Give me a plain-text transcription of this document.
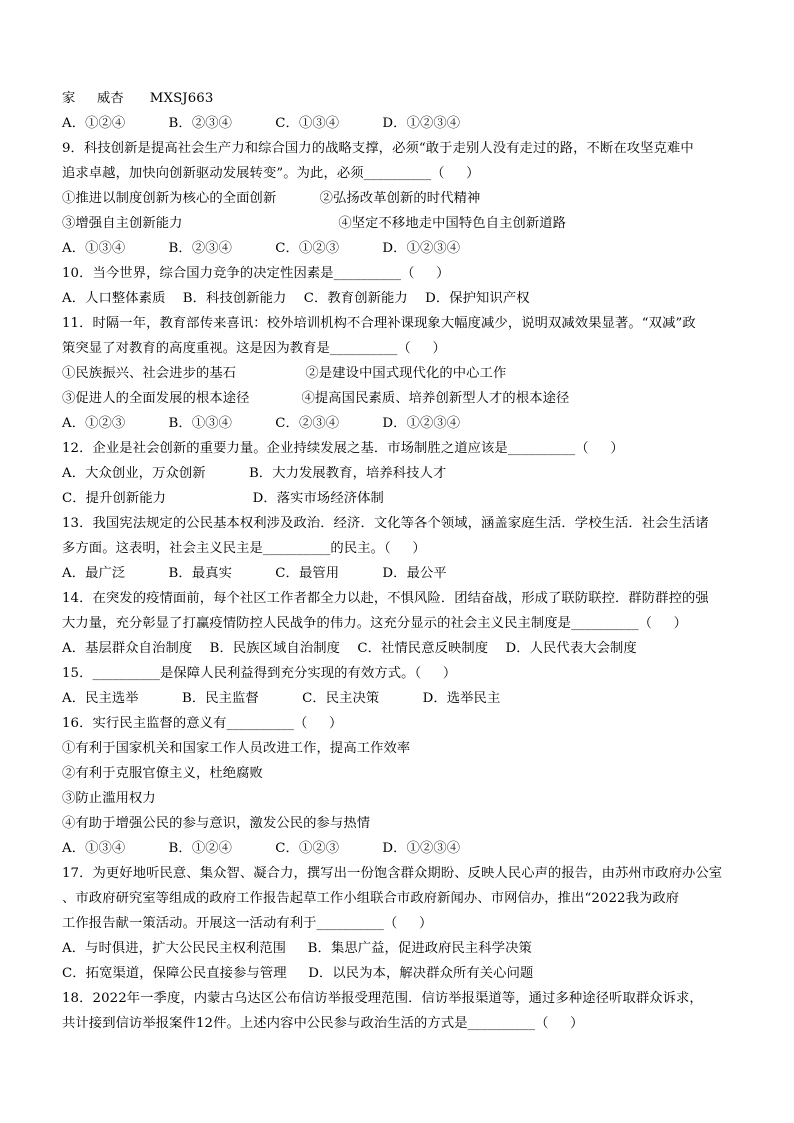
家     威杏      MXSJ663
A．①②④          B．②③④          C．①③④          D．①②③④
9．科技创新是提高社会生产力和综合国力的战略支撑，必须“敢于走别人没有走过的路，不断在攻坚克难中
追求卓越，加快向创新驱动发展转变”。为此，必须__________（     ）
①推进以制度创新为核心的全面创新          ②弘扬改革创新的时代精神
③增强自主创新能力                                    ④坚定不移地走中国特色自主创新道路
A．①③④          B．②③④          C．①②③          D．①②③④
10．当今世界，综合国力竞争的决定性因素是__________（     ）
A．人口整体素质    B．科技创新能力    C．教育创新能力    D．保护知识产权
11．时隔一年，教育部传来喜讯：校外培训机构不合理补课现象大幅度减少，说明双减效果显著。“双减”政
策突显了对教育的高度重视。这是因为教育是__________（     ）
①民族振兴、社会进步的基石                ②是建设中国式现代化的中心工作
③促进人的全面发展的根本途径            ④提高国民素质、培养创新型人才的根本途径
A．①②③          B．①③④          C．②③④          D．①②③④
12．企业是社会创新的重要力量。企业持续发展之基．市场制胜之道应该是__________（     ）
A．大众创业，万众创新          B．大力发展教育，培养科技人才
C．提升创新能力                    D．落实市场经济体制
13．我国宪法规定的公民基本权利涉及政治．经济．文化等各个领域，涵盖家庭生活．学校生活．社会生活诸
多方面。这表明，社会主义民主是__________的民主。（     ）
A．最广泛          B．最真实          C．最管用          D．最公平
14．在突发的疫情面前，每个社区工作者都全力以赴，不惧风险．团结奋战，形成了联防联控．群防群控的强
大力量，充分彰显了打赢疫情防控人民战争的伟力。这充分显示的社会主义民主制度是__________（     ）
A．基层群众自治制度    B．民族区域自治制度    C．社情民意反映制度    D．人民代表大会制度
15．__________是保障人民利益得到充分实现的有效方式。（     ）
A．民主选举          B．民主监督          C．民主决策          D．选举民主
16．实行民主监督的意义有__________（     ）
①有利于国家机关和国家工作人员改进工作，提高工作效率
②有利于克服官僚主义，杜绝腐败
③防止滥用权力
④有助于增强公民的参与意识，激发公民的参与热情
A．①③④          B．①②④          C．①②③          D．①②③④
17．为更好地听民意、集众智、凝合力，撰写出一份饱含群众期盼、反映人民心声的报告，由苏州市政府办公室
、市政府研究室等组成的政府工作报告起草工作小组联合市政府新闻办、市网信办，推出“2022我为政府
工作报告献一策活动。开展这一活动有利于__________（     ）
A．与时俱进，扩大公民民主权利范围     B．集思广益，促进政府民主科学决策
C．拓宽渠道，保障公民直接参与管理     D．以民为本，解决群众所有关心问题
18．2022年一季度，内蒙古乌达区公布信访举报受理范围．信访举报渠道等，通过多种途径听取群众诉求，
共计接到信访举报案件12件。上述内容中公民参与政治生活的方式是__________（     ）
